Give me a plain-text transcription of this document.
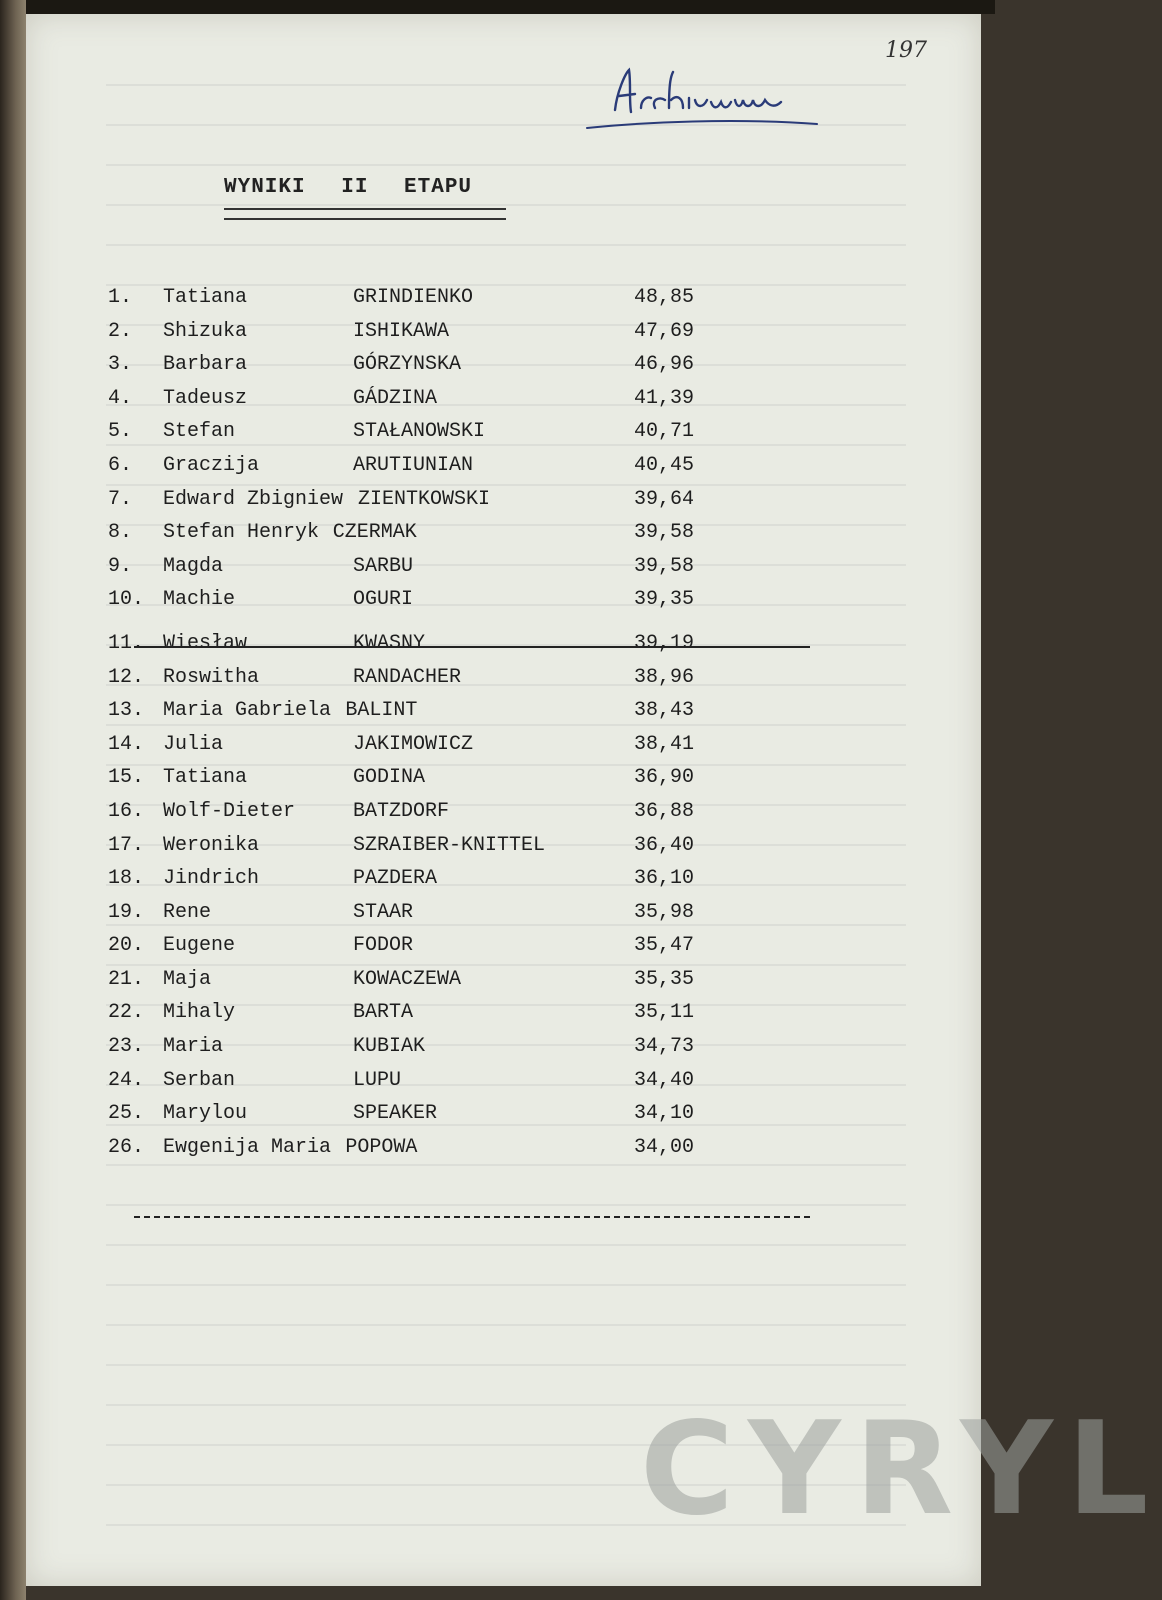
197
WYNIKI II ETAPU
1. Tatiana	GRINDIENKO	48,85
2. Shizuka	ISHIKAWA	47,69
3. Barbara	GÓRZYNSKA	46,96
4. Tadeusz	GÁDZINA	41,39
5. Stefan	STAŁANOWSKI	40,71
6. Graczija	ARUTIUNIAN	40,45
7. Edward Zbigniew ZIENTKOWSKI	39,64
8. Stefan Henryk CZERMAK	39,58
9. Magda	SARBU	39,58
10. Machie	OGURI	39,35
11. Wiesław	KWASNY	39,19
12. Roswitha	RANDACHER	38,96
13. Maria Gabriela BALINT	38,43
14. Julia	JAKIMOWICZ	38,41
15. Tatiana	GODINA	36,90
16. Wolf-Dieter	BATZDORF	36,88
17. Weronika	SZRAIBER-KNITTEL	36,40
18. Jindrich	PAZDERA	36,10
19. Rene	STAAR	35,98
20. Eugene	FODOR	35,47
21. Maja	KOWACZEWA	35,35
22. Mihaly	BARTA	35,11
23. Maria	KUBIAK	34,73
24. Serban	LUPU	34,40
25. Marylou	SPEAKER	34,10
26. Ewgenija Maria POPOWA	34,00
CYRYL
